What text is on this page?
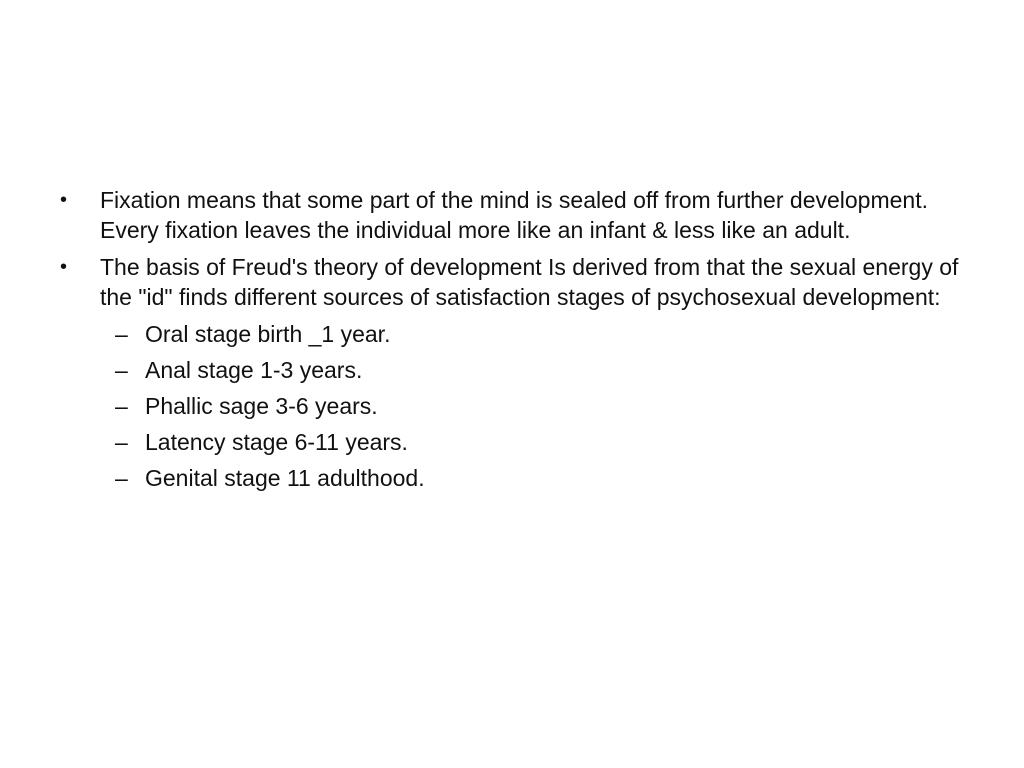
•	Fixation means that some part of the mind is sealed off from further development. Every fixation leaves the individual more like an infant & less like an adult.
•	The basis of Freud's theory of development Is derived from that the sexual energy of the "id" finds different sources of satisfaction stages of psychosexual development:
– Oral stage birth _1 year.
– Anal stage 1-3 years.
– Phallic sage 3-6 years.
– Latency stage 6-11 years.
– Genital stage 11 adulthood.
